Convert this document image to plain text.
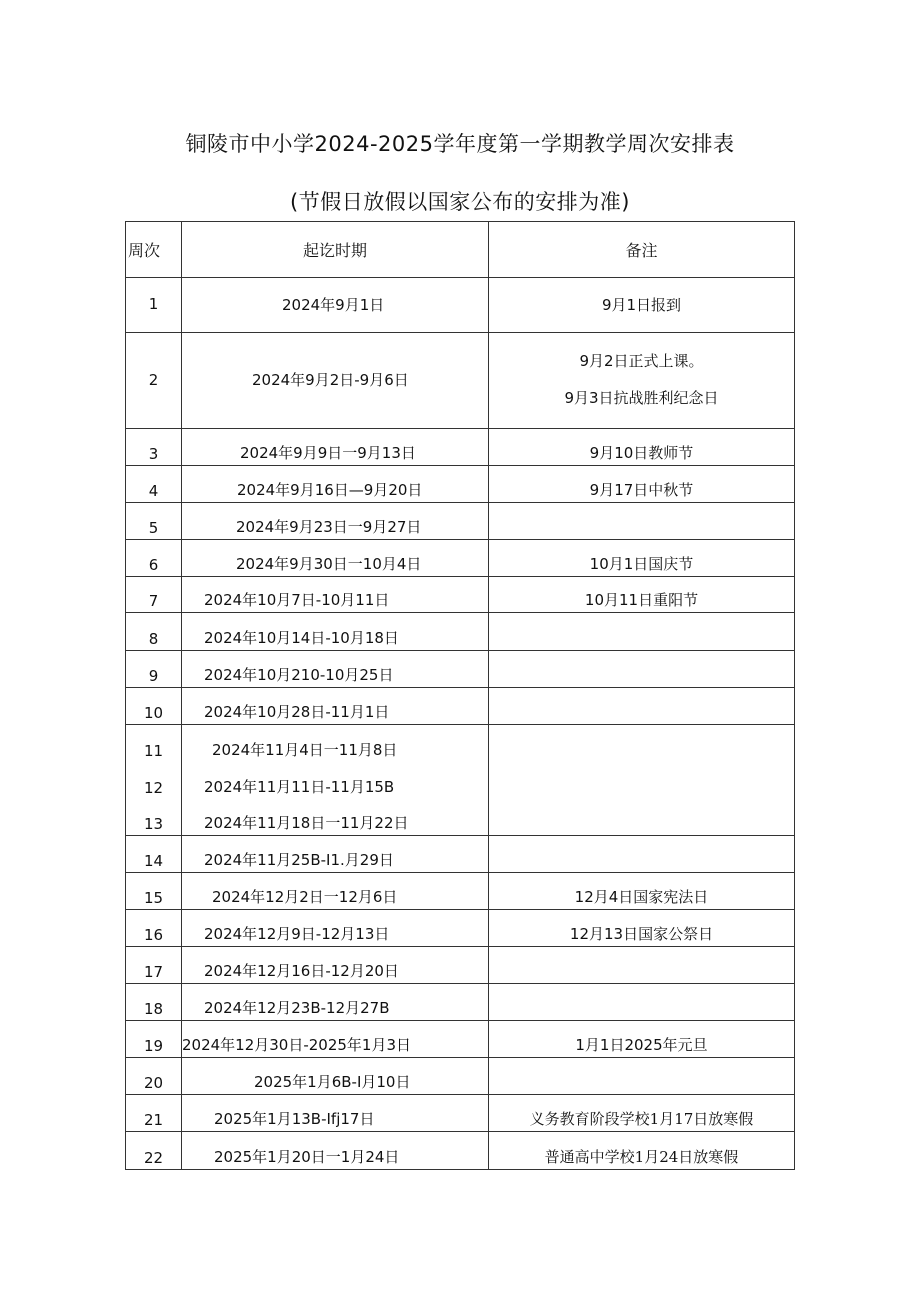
铜陵市中小学2024-2025学年度第一学期教学周次安排表
(节假日放假以国家公布的安排为准)
周次	起讫时期	备注
1	2024年9月1日	9月1日报到
2	2024年9月2日-9月6日	9月2日正式上课。
9月3日抗战胜利纪念日

3	2024年9月9日一9月13日	9月10日教师节
4	2024年9月16日—9月20日	9月17日中秋节
5	2024年9月23日一9月27日	
6	2024年9月30日一10月4日	10月1日国庆节
7	2024年10月7日-10月11日	10月11日重阳节
8	2024年10月14日-10月18日	
9	2024年10月210-10月25日	
10	2024年10月28日-11月1日	
11	2024年11月4日一11月8日	
12	2024年11月11日-11月15B	
13	2024年11月18日一11月22日	
14	2024年11月25B-I1.月29日	
15	2024年12月2日一12月6日	12月4日国家宪法日
16	2024年12月9日-12月13日	12月13日国家公祭日
17	2024年12月16日-12月20日	
18	2024年12月23B-12月27B	
19	2024年12月30日-2025年1月3日	1月1日2025年元旦
20	2025年1月6B-I月10日	
21	2025年1月13B-Ifj17日	义务教育阶段学校1月17日放寒假
22	2025年1月20日一1月24日	普通高中学校1月24日放寒假
